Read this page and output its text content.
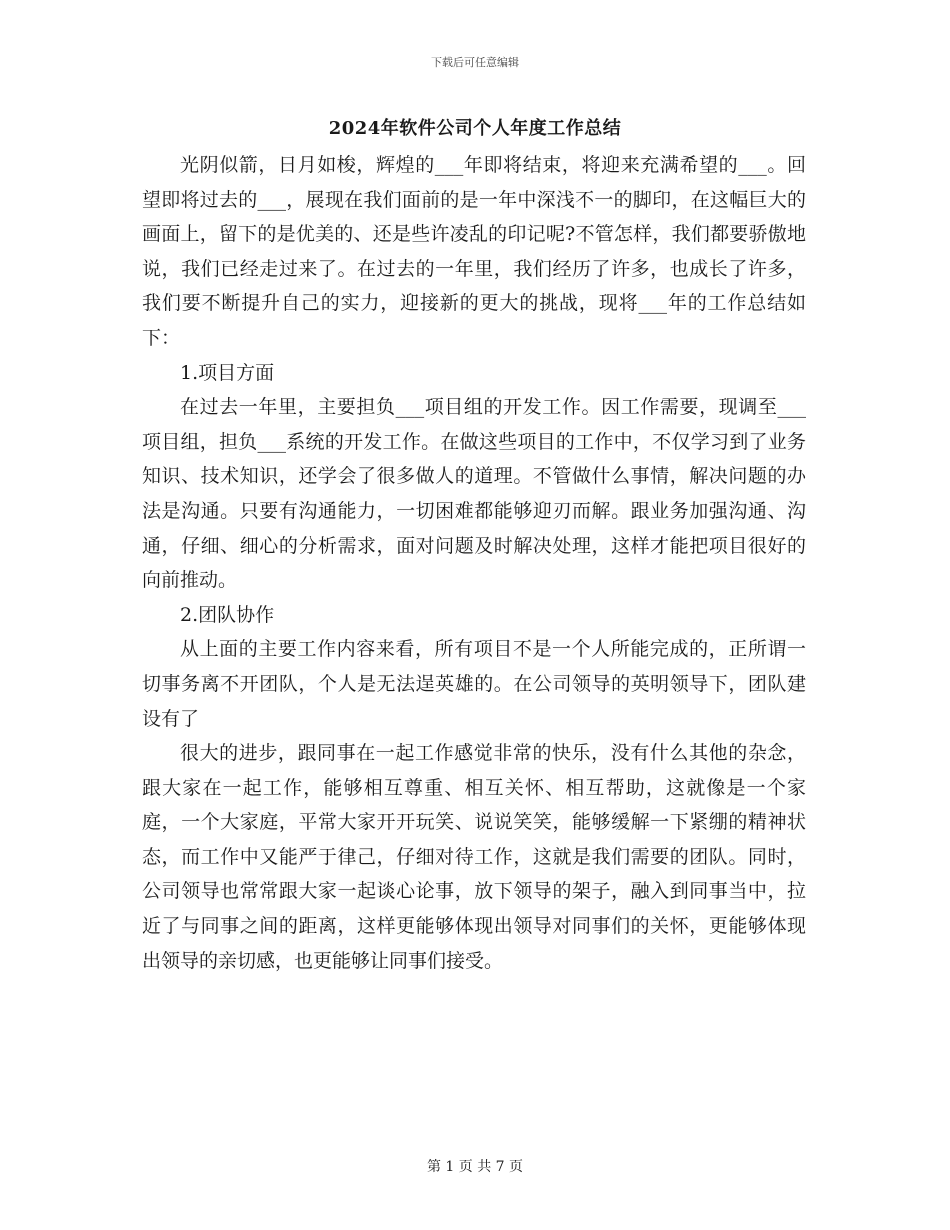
下载后可任意编辑
2024年软件公司个人年度工作总结

光阴似箭，日月如梭，辉煌的___年即将结束，将迎来充满希望的___。回望即将过去的___，展现在我们面前的是一年中深浅不一的脚印，在这幅巨大的画面上，留下的是优美的、还是些许凌乱的印记呢?不管怎样，我们都要骄傲地说，我们已经走过来了。在过去的一年里，我们经历了许多，也成长了许多，我们要不断提升自己的实力，迎接新的更大的挑战，现将___年的工作总结如下：

1.项目方面

在过去一年里，主要担负___项目组的开发工作。因工作需要，现调至___项目组，担负___系统的开发工作。在做这些项目的工作中，不仅学习到了业务知识、技术知识，还学会了很多做人的道理。不管做什么事情，解决问题的办法是沟通。只要有沟通能力，一切困难都能够迎刃而解。跟业务加强沟通、沟通，仔细、细心的分析需求，面对问题及时解决处理，这样才能把项目很好的向前推动。

2.团队协作

从上面的主要工作内容来看，所有项目不是一个人所能完成的，正所谓一切事务离不开团队，个人是无法逞英雄的。在公司领导的英明领导下，团队建设有了

很大的进步，跟同事在一起工作感觉非常的快乐，没有什么其他的杂念，跟大家在一起工作，能够相互尊重、相互关怀、相互帮助，这就像是一个家庭，一个大家庭，平常大家开开玩笑、说说笑笑，能够缓解一下紧绷的精神状态，而工作中又能严于律己，仔细对待工作，这就是我们需要的团队。同时，公司领导也常常跟大家一起谈心论事，放下领导的架子，融入到同事当中，拉近了与同事之间的距离，这样更能够体现出领导对同事们的关怀，更能够体现出领导的亲切感，也更能够让同事们接受。

第 1 页 共 7 页
